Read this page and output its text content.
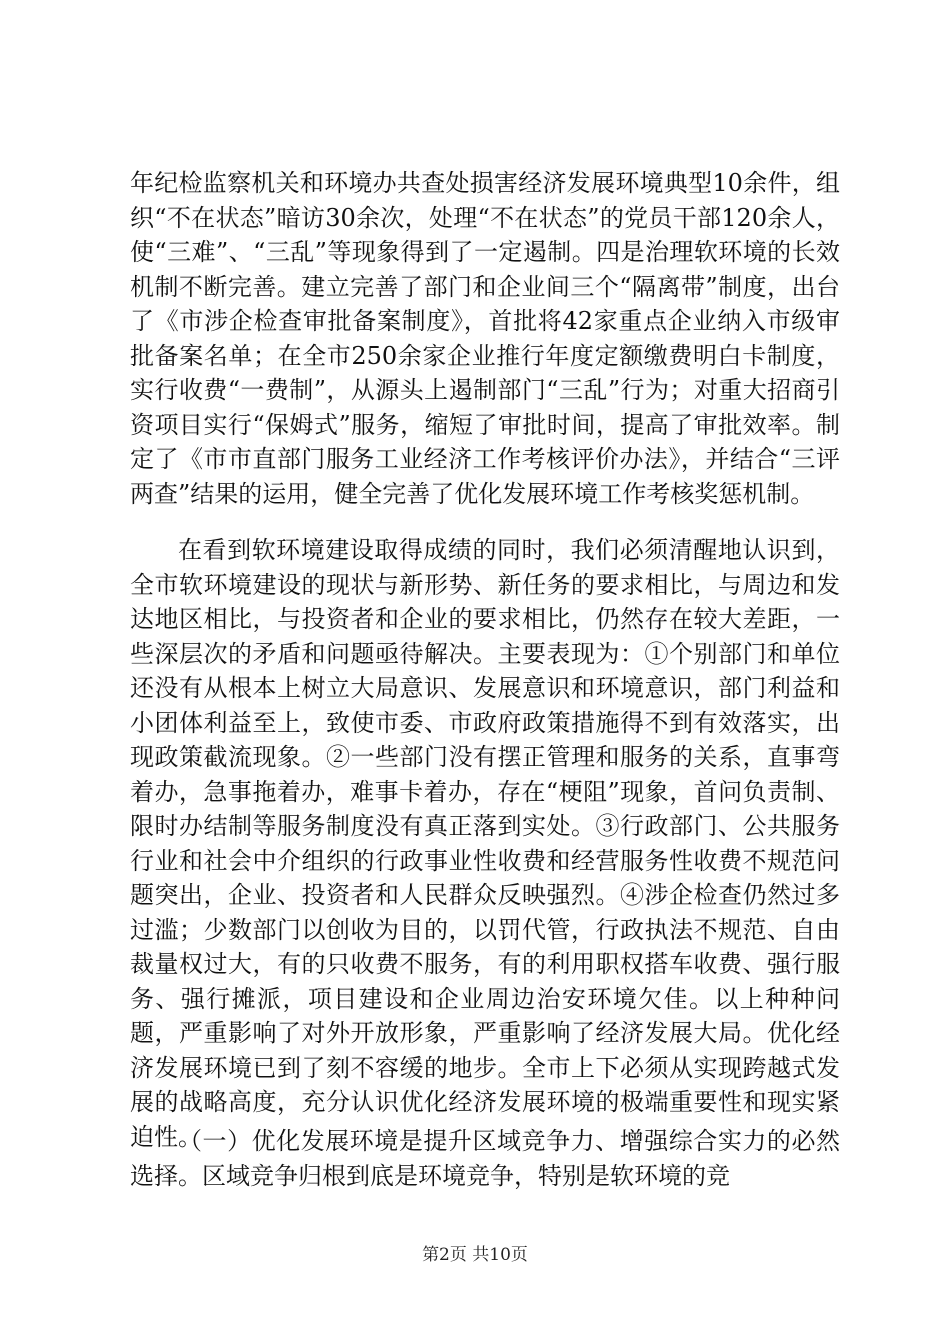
年纪检监察机关和环境办共查处损害经济发展环境典型10余件，组织“不在状态”暗访30余次，处理“不在状态”的党员干部120余人，使“三难”、“三乱”等现象得到了一定遏制。四是治理软环境的长效机制不断完善。建立完善了部门和企业间三个“隔离带”制度，出台了《市涉企检查审批备案制度》，首批将42家重点企业纳入市级审批备案名单；在全市250余家企业推行年度定额缴费明白卡制度，实行收费“一费制”，从源头上遏制部门“三乱”行为；对重大招商引资项目实行“保姆式”服务，缩短了审批时间，提高了审批效率。制定了《市市直部门服务工业经济工作考核评价办法》，并结合“三评两查”结果的运用，健全完善了优化发展环境工作考核奖惩机制。

在看到软环境建设取得成绩的同时，我们必须清醒地认识到，全市软环境建设的现状与新形势、新任务的要求相比，与周边和发达地区相比，与投资者和企业的要求相比，仍然存在较大差距，一些深层次的矛盾和问题亟待解决。主要表现为：①个别部门和单位还没有从根本上树立大局意识、发展意识和环境意识，部门利益和小团体利益至上，致使市委、市政府政策措施得不到有效落实，出现政策截流现象。②一些部门没有摆正管理和服务的关系，直事弯着办，急事拖着办，难事卡着办，存在“梗阻”现象，首问负责制、限时办结制等服务制度没有真正落到实处。③行政部门、公共服务行业和社会中介组织的行政事业性收费和经营服务性收费不规范问题突出，企业、投资者和人民群众反映强烈。④涉企检查仍然过多过滥；少数部门以创收为目的，以罚代管，行政执法不规范、自由裁量权过大，有的只收费不服务，有的利用职权搭车收费、强行服务、强行摊派，项目建设和企业周边治安环境欠佳。以上种种问题，严重影响了对外开放形象，严重影响了经济发展大局。优化经济发展环境已到了刻不容缓的地步。全市上下必须从实现跨越式发展的战略高度，充分认识优化经济发展环境的极端重要性和现实紧迫性。

（一）优化发展环境是提升区域竞争力、增强综合实力的必然选择。区域竞争归根到底是环境竞争，特别是软环境的竞

第2页 共10页
